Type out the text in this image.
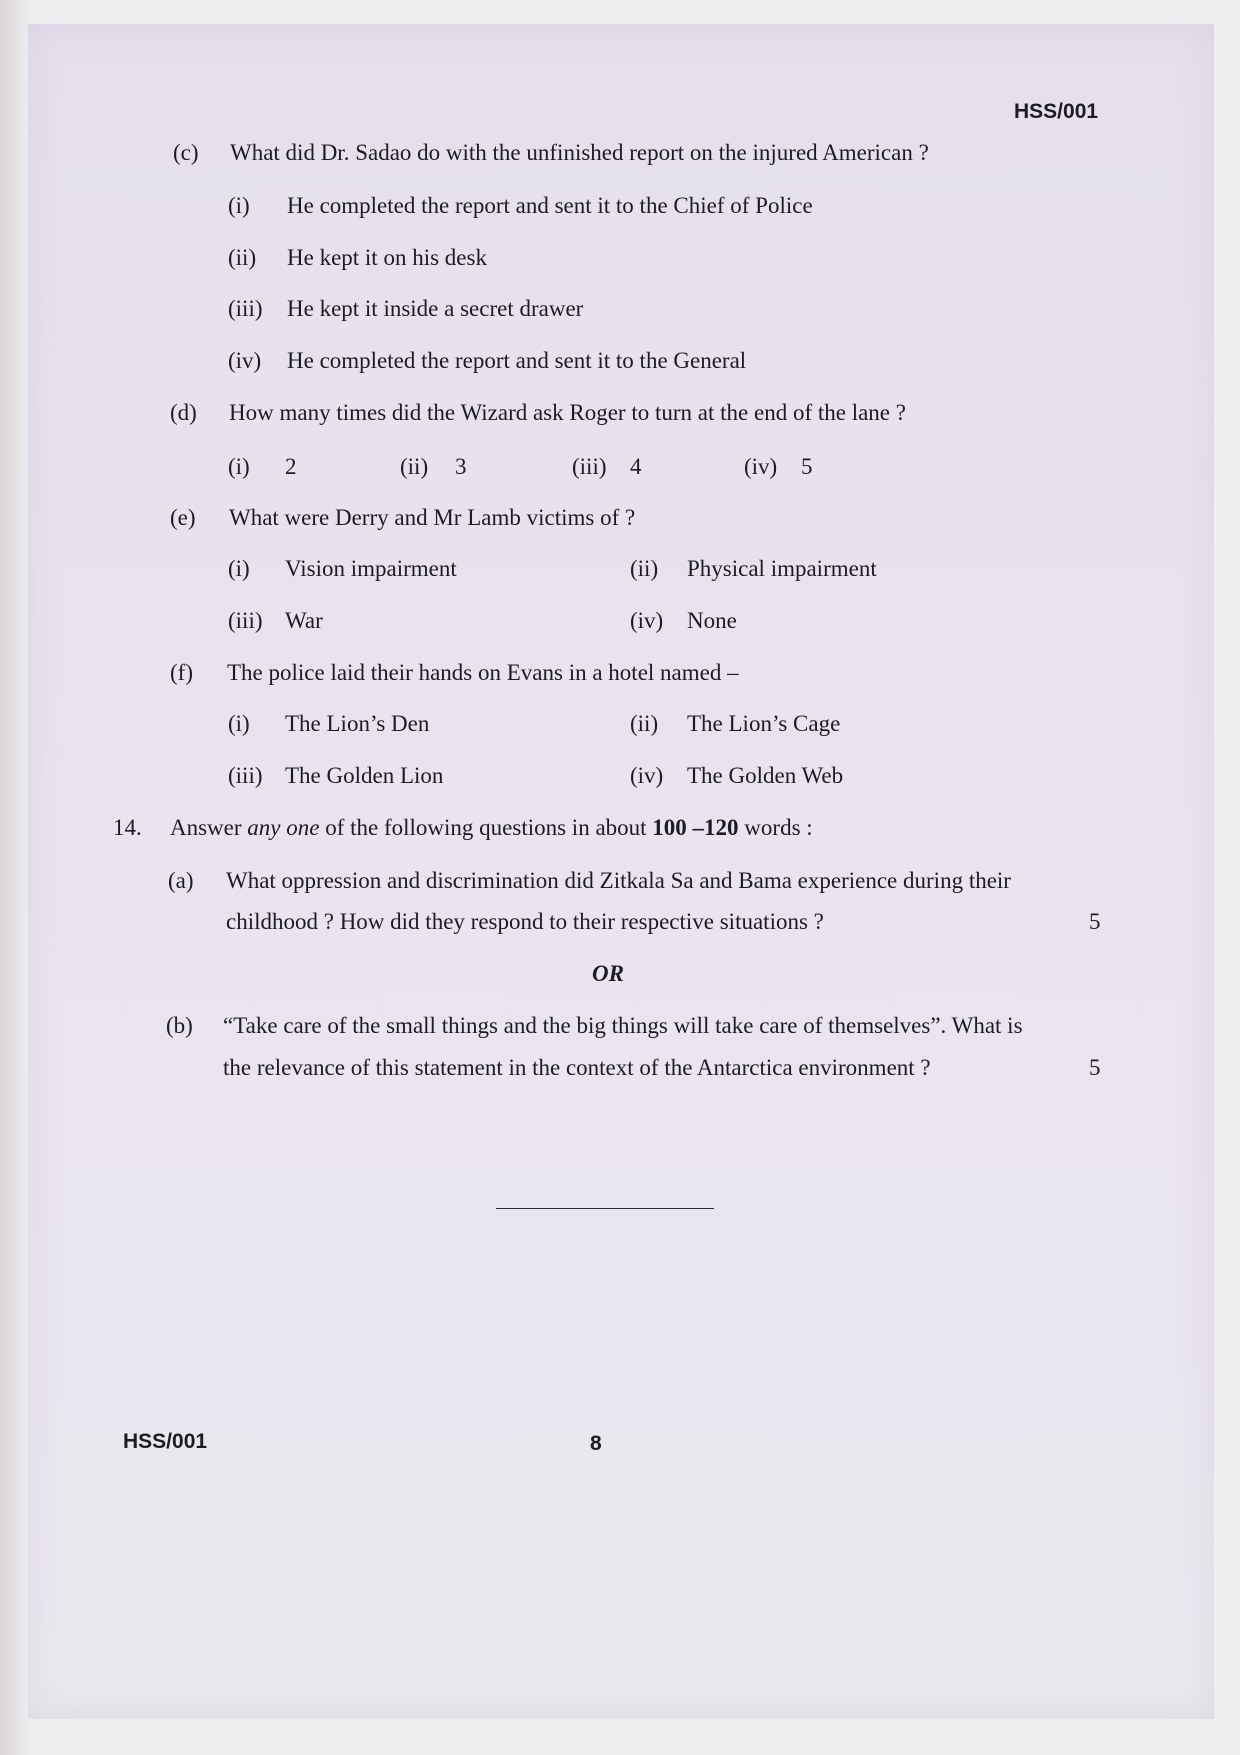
HSS/001
(c) What did Dr. Sadao do with the unfinished report on the injured American ?
(i) He completed the report and sent it to the Chief of Police
(ii) He kept it on his desk
(iii) He kept it inside a secret drawer
(iv) He completed the report and sent it to the General
(d) How many times did the Wizard ask Roger to turn at the end of the lane ?
(i) 2	(ii) 3	(iii) 4	(iv) 5
(e) What were Derry and Mr Lamb victims of ?
(i) Vision impairment	(ii) Physical impairment
(iii) War	(iv) None
(f) The police laid their hands on Evans in a hotel named –
(i) The Lion’s Den	(ii) The Lion’s Cage
(iii) The Golden Lion	(iv) The Golden Web
14. Answer any one of the following questions in about 100 –120 words :
(a) What oppression and discrimination did Zitkala Sa and Bama experience during their
childhood ? How did they respond to their respective situations ?	5
OR
(b) “Take care of the small things and the big things will take care of themselves”. What is
the relevance of this statement in the context of the Antarctica environment ?	5
HSS/001	8
